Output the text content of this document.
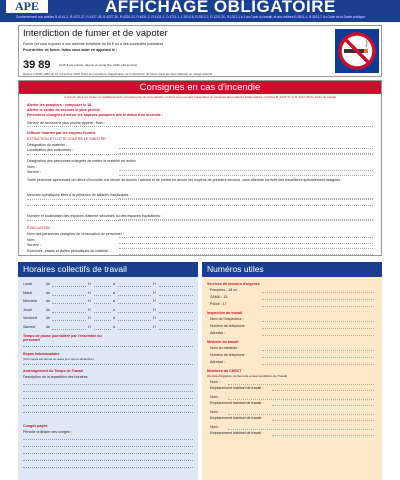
APE	AFFICHAGE OBLIGATOIRE
Conformément aux articles R.4141-3, R.4227-37, R.4227-38, R.4227-39, R.4228-12, R.4631-2, R.3121-1, D.4711-1, L.3512-8, R.3512-2, D.1221-20, R.1321-1 à 3 du Code du travail, et aux articles R.3511-1, R.3512-7 du Code de la Santé publique.
Interdiction de fumer et de vapoter
Fumer (et vous exposer à une amende forfaitaire de 68 € ou à des poursuites judiciaires.
Pour arrêter de fumer, faites vous aider en appelant le :
39 89	(0,15 € par minute, depuis un poste fixe, tarifs 'elle service)
Décret n°2006-1386 du 15 novembre 2006 fixant les conditions d'application de l'interdiction de fumer dans les lieux affectés un usage collectif
Consignes en cas d'incendie
À remplir dans les locaux ou établissements occupant plus de cinq salariés, et dans ceux où sont manipulées ou stockées des matières inflammables. (Articles R. 4227-37 et R. 4227-38 du Code du travail)
Alerter les pompiers : composer le 18.
Alerter le centre de secours le plus proche.
Personnes chargées d'aviser les sapeurs-pompiers dès le début d'un incendie :
Service de secours le plus proche appelé : Nom :
Diffuser l'alarme par les moyens fournis
EXTINCTION ET LUTTE CONTRE LE SINISTRE
Désignation du matériel :
Localisation des extincteurs :
Désignation des personnes chargées de mettre le matériel en action
Nom :
Service :
Toute personne apercevant un début d'incendie a le devoir de donner l'alarme et de mettre en œuvre les moyens de premiers secours, sans attendre l'arrivée des travailleurs spécialement désignés.
Mesures spécifiques liées à la présence de salariés handicapés :
Nombre et localisation des espaces d'attente sécurisés ou des espaces équivalents :
ÉVACUATION
Nom des personnes chargées de l'évacuation du personnel :
Nom :
Service :
Exercices, essais et visites périodiques du matériel :
Horaires collectifs de travail
Lundi	de	H	à	H
Mardi	de	H	à	H
Mercredi	de	H	à	H
Jeudi	de	H	à	H
Vendredi de	H	à	H
Samedi	de	H	à	H
Temps de pause journalière par l'ensemble du personnel
Repos hebdomadaire
(Si le repos est donné un autre jour que le dimanche)
Aménagement du Temps de Travail
Description de la répartition des horaires
Congés payés
Période ordinaire des congés :
Numéros utiles
Services de secours d'urgence
Pompiers : 18 ou
SAMU : 15
Police : 17
Inspection du travail
Nom de l'inspecteur :
Numéro de téléphone :
Adresse :
Médecin du travail
Nom du médecin :
Numéro de téléphone :
Adresse :
Membres du CHSCT
(Comité d'Hygiène, de Sécurité et des Conditions de Travail)
Nom :
Emplacement habituel de travail :
Nom :
Emplacement habituel de travail :
Nom :
Emplacement habituel de travail :
Nom :
Emplacement habituel de travail :
